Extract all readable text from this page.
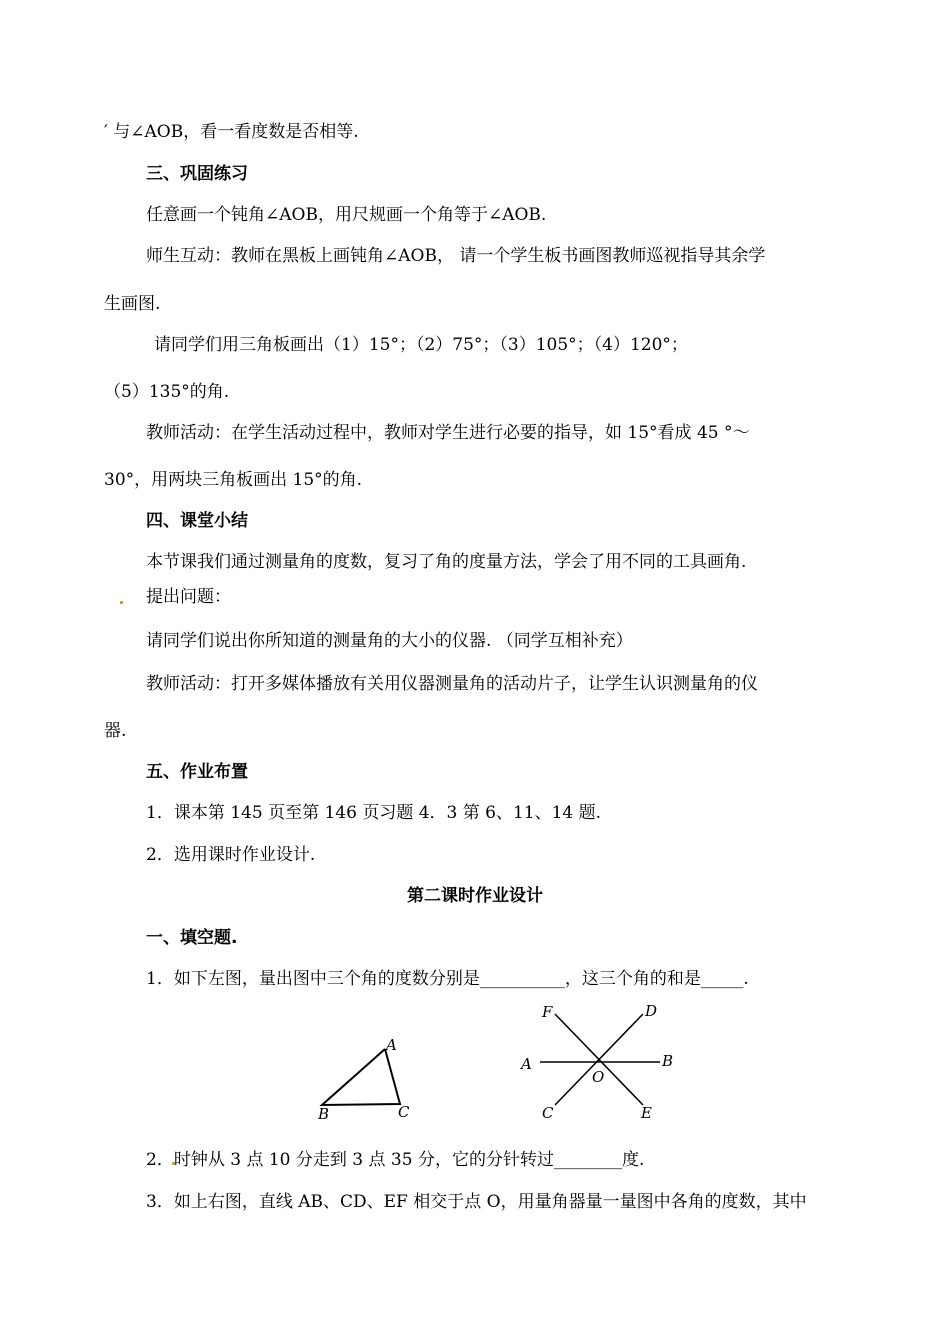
′ 与∠AOB，看一看度数是否相等.
三、巩固练习
任意画一个钝角∠AOB，用尺规画一个角等于∠AOB.
师生互动：教师在黑板上画钝角∠AOB， 请一个学生板书画图教师巡视指导其余学
生画图.
请同学们用三角板画出（1）15°；（2）75°；（3）105°；（4）120°；
（5）135°的角.
教师活动：在学生活动过程中，教师对学生进行必要的指导，如 15°看成 45 °～
30°，用两块三角板画出 15°的角.
四、课堂小结
本节课我们通过测量角的度数，复习了角的度量方法，学会了用不同的工具画角.
提出问题：
请同学们说出你所知道的测量角的大小的仪器. （同学互相补充）
教师活动：打开多媒体播放有关用仪器测量角的活动片子，让学生认识测量角的仪
器.
五、作业布置
1．课本第 145 页至第 146 页习题 4．3 第 6、11、14 题.
2．选用课时作业设计.
第二课时作业设计
一、填空题.
1．如下左图，量出图中三个角的度数分别是__________，这三个角的和是_____.
A
B	C
F	D
A	B
O
C	E
2．时钟从 3 点 10 分走到 3 点 35 分，它的分针转过________度.
3．如上右图，直线 AB、CD、EF 相交于点 O，用量角器量一量图中各角的度数，其中
